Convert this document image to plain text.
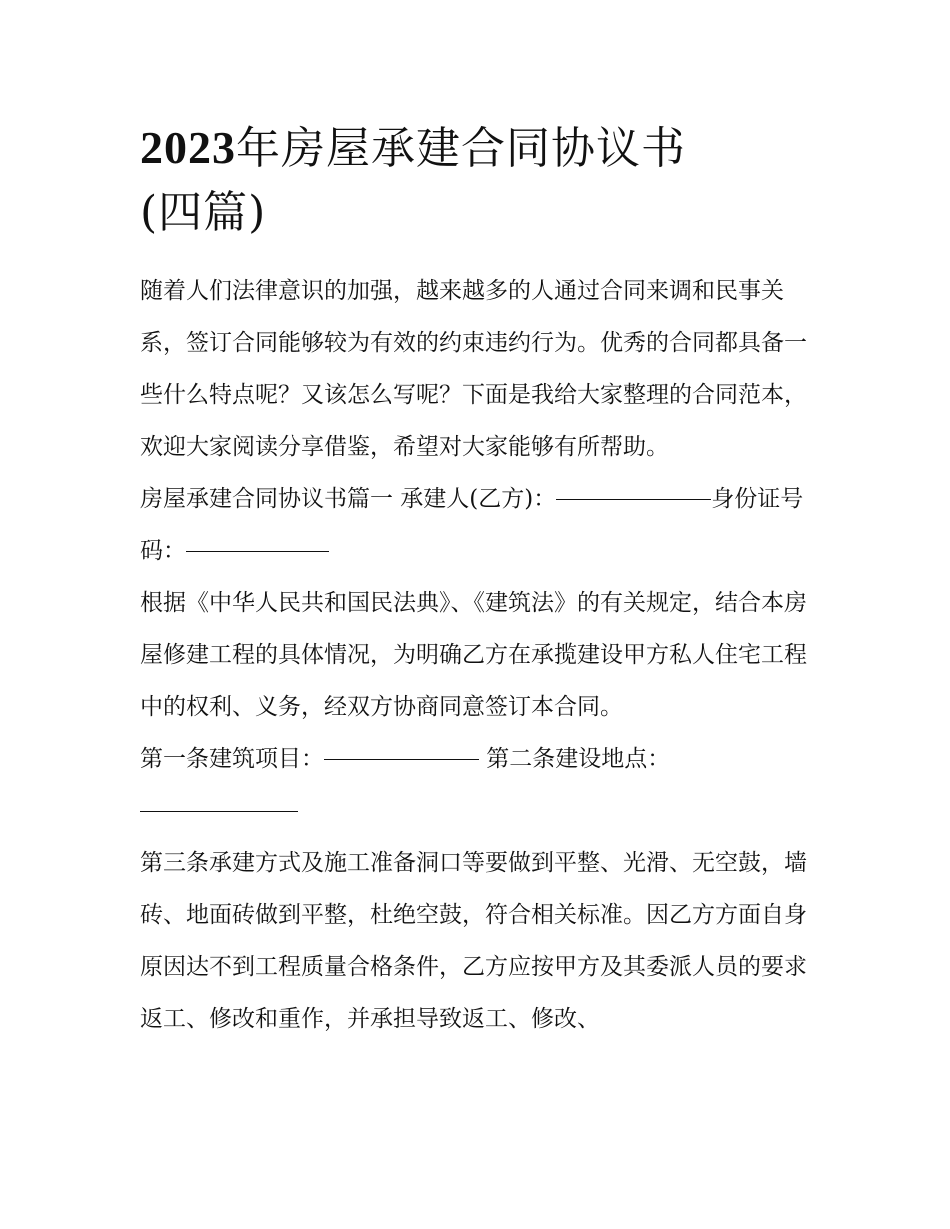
2023年房屋承建合同协议书
(四篇)

随着人们法律意识的加强，越来越多的人通过合同来调和民事关系，签订合同能够较为有效的约束违约行为。优秀的合同都具备一些什么特点呢？又该怎么写呢？下面是我给大家整理的合同范本，欢迎大家阅读分享借鉴，希望对大家能够有所帮助。

房屋承建合同协议书篇一 承建人(乙方)：	身份证号码：

根据《中华人民共和国民法典》、《建筑法》的有关规定，结合本房屋修建工程的具体情况，为明确乙方在承揽建设甲方私人住宅工程中的权利、义务，经双方协商同意签订本合同。

第一条建筑项目：	第二条建设地点：

第三条承建方式及施工准备洞口等要做到平整、光滑、无空鼓，墙砖、地面砖做到平整，杜绝空鼓，符合相关标准。因乙方方面自身原因达不到工程质量合格条件，乙方应按甲方及其委派人员的要求返工、修改和重作，并承担导致返工、修改、
